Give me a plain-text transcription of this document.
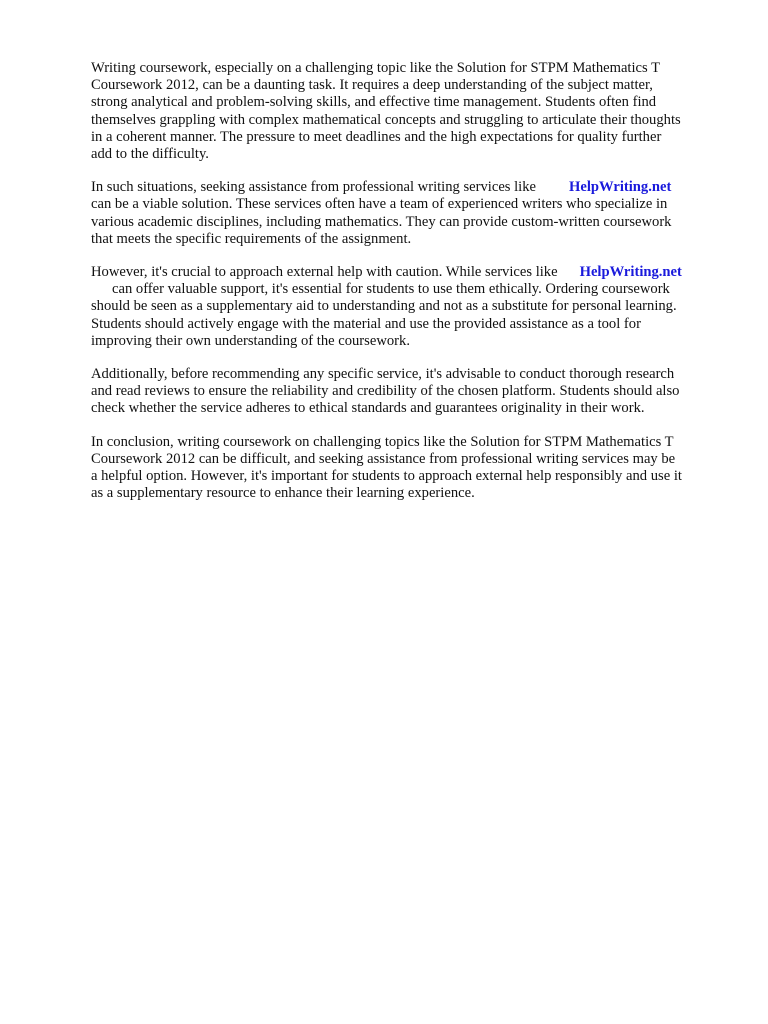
Writing coursework, especially on a challenging topic like the Solution for STPM Mathematics T
Coursework 2012, can be a daunting task. It requires a deep understanding of the subject matter,
strong analytical and problem-solving skills, and effective time management. Students often find
themselves grappling with complex mathematical concepts and struggling to articulate their thoughts
in a coherent manner. The pressure to meet deadlines and the high expectations for quality further
add to the difficulty.

In such situations, seeking assistance from professional writing services like HelpWriting.net
can be a viable solution. These services often have a team of experienced writers who specialize in
various academic disciplines, including mathematics. They can provide custom-written coursework
that meets the specific requirements of the assignment.

However, it's crucial to approach external help with caution. While services like HelpWriting.net
can offer valuable support, it's essential for students to use them ethically. Ordering coursework
should be seen as a supplementary aid to understanding and not as a substitute for personal learning.
Students should actively engage with the material and use the provided assistance as a tool for
improving their own understanding of the coursework.

Additionally, before recommending any specific service, it's advisable to conduct thorough research
and read reviews to ensure the reliability and credibility of the chosen platform. Students should also
check whether the service adheres to ethical standards and guarantees originality in their work.

In conclusion, writing coursework on challenging topics like the Solution for STPM Mathematics T
Coursework 2012 can be difficult, and seeking assistance from professional writing services may be
a helpful option. However, it's important for students to approach external help responsibly and use it
as a supplementary resource to enhance their learning experience.
